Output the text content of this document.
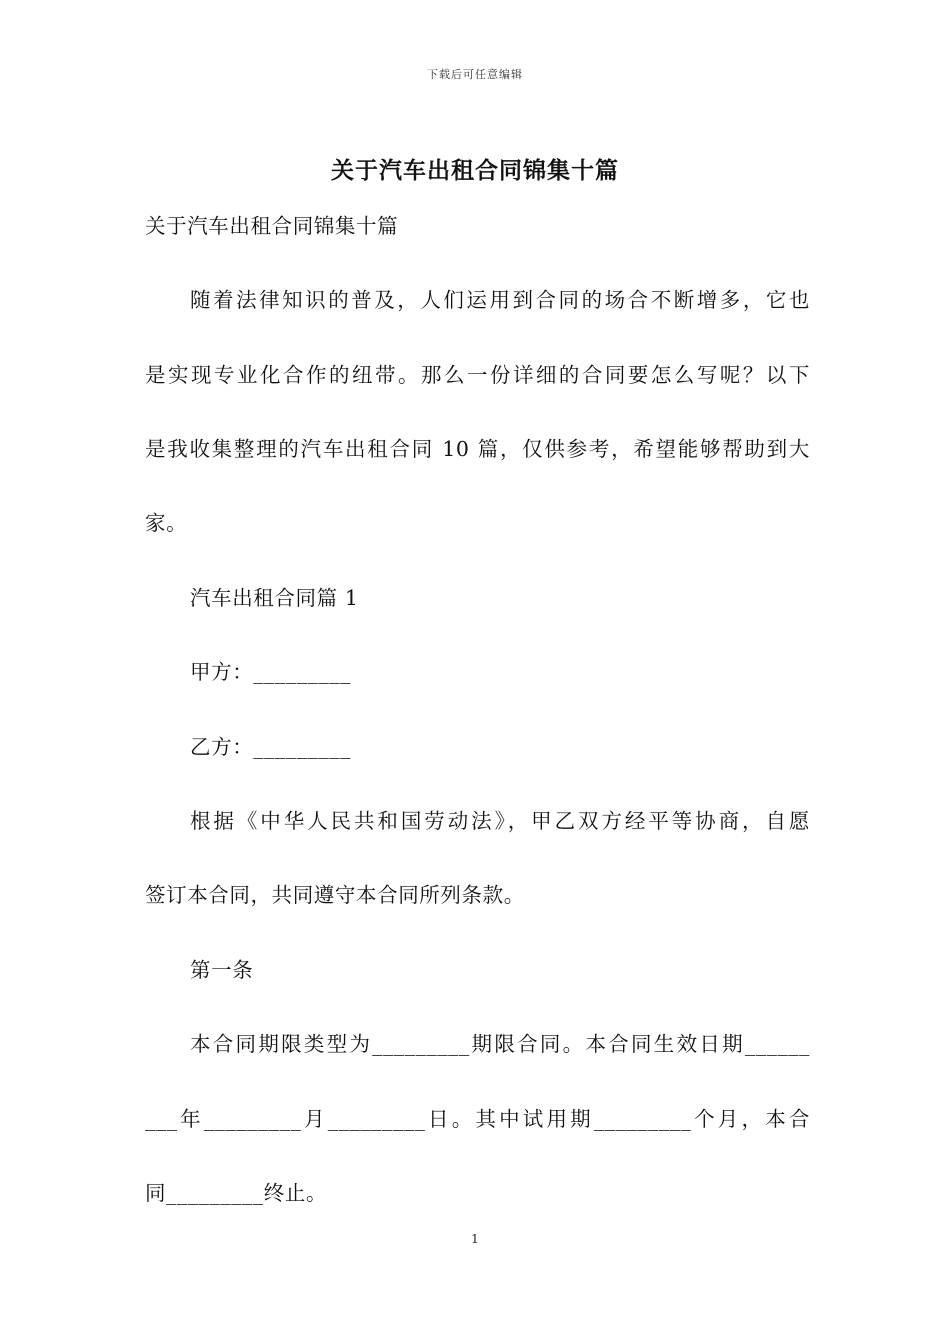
下载后可任意编辑
关于汽车出租合同锦集十篇
关于汽车出租合同锦集十篇
随着法律知识的普及，人们运用到合同的场合不断增多，它也
是实现专业化合作的纽带。那么一份详细的合同要怎么写呢？以下
是我收集整理的汽车出租合同 10 篇，仅供参考，希望能够帮助到大
家。
汽车出租合同篇 1
甲方：_________
乙方：_________
根据《中华人民共和国劳动法》，甲乙双方经平等协商，自愿
签订本合同，共同遵守本合同所列条款。
第一条
本合同期限类型为_________期限合同。本合同生效日期______
___年_________月_________日。其中试用期_________个月，本合
同_________终止。
1
